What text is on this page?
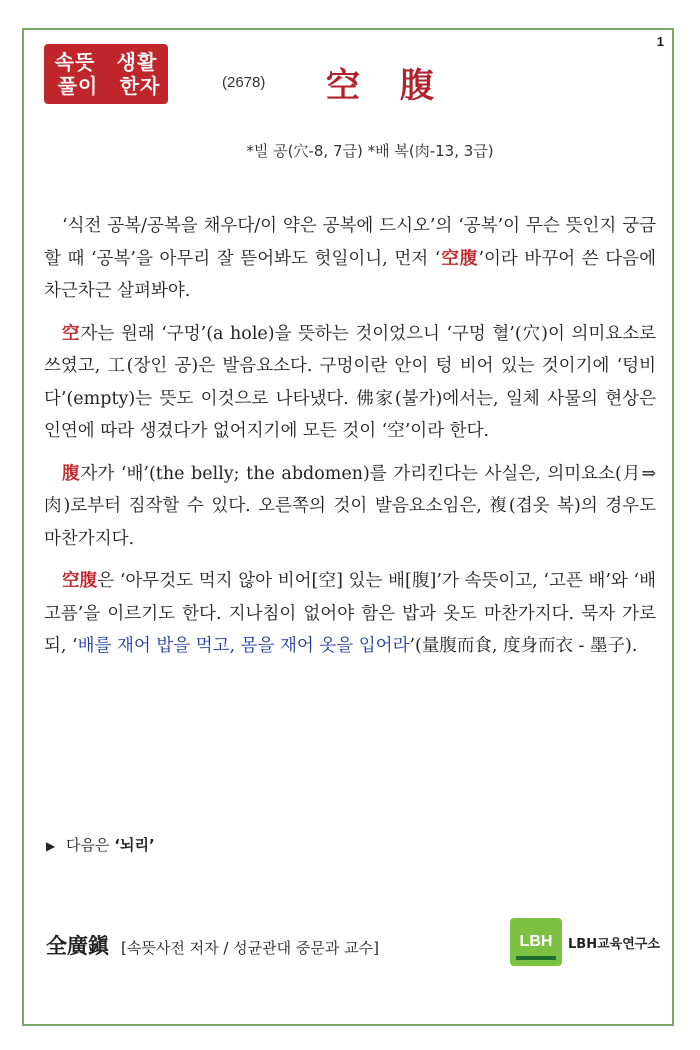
1
속뜻
풀이
생활
한자	(2678) 空 腹
*빌 공(穴-8, 7급) *배 복(肉-13, 3급)

‘식전 공복/공복을 채우다/이 약은 공복에 드시오’의 ‘공복’이 무슨 뜻인지 궁금할 때 ‘공복’을 아무리 잘 뜯어봐도 헛일이니, 먼저 ‘空腹’이라 바꾸어 쓴 다음에 차근차근 살펴봐야.

空자는 원래 ‘구멍’(a hole)을 뜻하는 것이었으니 ‘구멍 혈’(穴)이 의미요소로 쓰였고, 工(장인 공)은 발음요소다. 구멍이란 안이 텅 비어 있는 것이기에 ‘텅비다’(empty)는 뜻도 이것으로 나타냈다. 佛家(불가)에서는, 일체 사물의 현상은 인연에 따라 생겼다가 없어지기에 모든 것이 ‘空’이라 한다.

腹자가 ‘배’(the belly; the abdomen)를 가리킨다는 사실은, 의미요소(月⇒肉)로부터 짐작할 수 있다. 오른쪽의 것이 발음요소임은, 複(겹옷 복)의 경우도 마찬가지다.

空腹은 ‘아무것도 먹지 않아 비어[空] 있는 배[腹]’가 속뜻이고, ‘고픈 배’와 ‘배고픔’을 이르기도 한다. 지나침이 없어야 함은 밥과 옷도 마찬가지다. 묵자 가로되, ‘배를 재어 밥을 먹고, 몸을 재어 옷을 입어라’(量腹而食, 度身而衣 - 墨子).

▶ 다음은 ‘뇌리’
全廣鎭 [속뜻사전 저자 / 성균관대 중문과 교수]	LBH	LBH교육연구소
